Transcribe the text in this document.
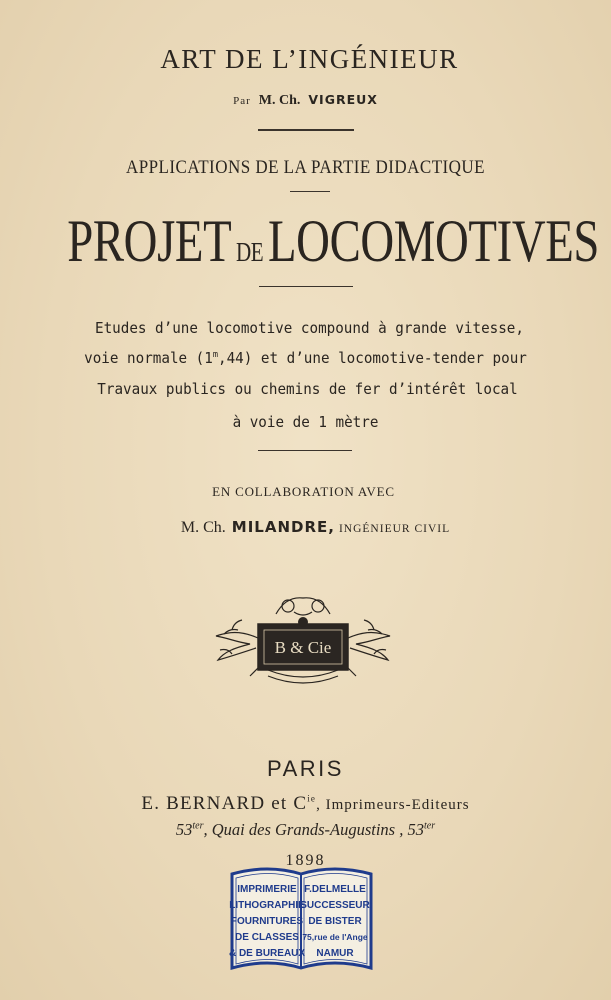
ART DE L’INGÉNIEUR
Par M. Ch. VIGREUX
APPLICATIONS DE LA PARTIE DIDACTIQUE
PROJET DELOCOMOTIVES
Etudes d’une locomotive compound à grande vitesse,
voie normale (1$^m$,44) et d’une locomotive-tender pour
Travaux publics ou chemins de fer d’intérêt local
à voie de 1 mètre
EN COLLABORATION AVEC
M. Ch. MILANDRE, INGÉNIEUR CIVIL
B & Cie
PARIS
E. BERNARD et $C^{ie}$, Imprimeurs-Editeurs
$53^{ter}$, Quai des Grands-Augustins , $53^{ter}$
1898
IMPRIMERIE
LITHOGRAPHIE
FOURNITURES
DE CLASSES
& DE BUREAUX
F.DELMELLE
SUCCESSEUR
DE BISTER
75,rue de l'Ange
NAMUR
